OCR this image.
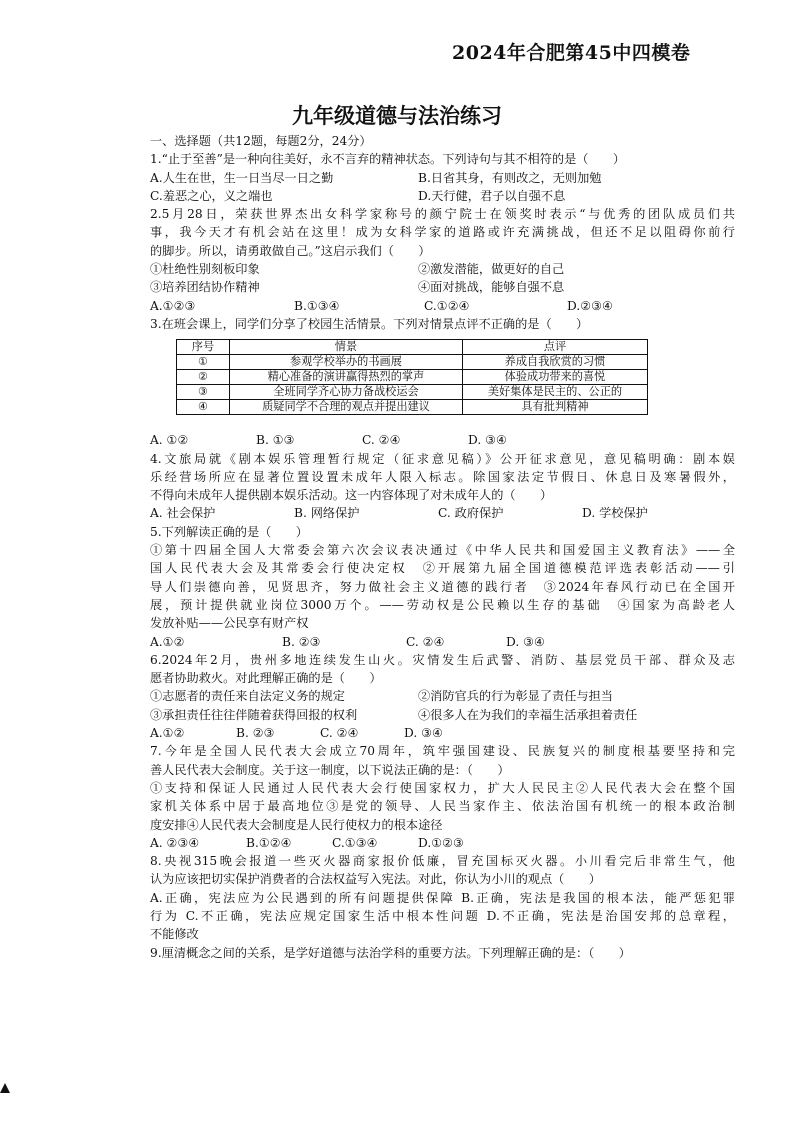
2024年合肥第45中四模卷
九年级道德与法治练习
一、选择题（共12题，每题2分，24分）
1.“止于至善”是一种向往美好，永不言弃的精神状态。下列诗句与其不相符的是（　　）
A.人生在世，生一日当尽一日之勤	B.日省其身，有则改之，无则加勉
C.羞恶之心，义之端也	D.天行健，君子以自强不息
2.5月28日，荣获世界杰出女科学家称号的颜宁院士在领奖时表示“与优秀的团队成员们共
事，我今天才有机会站在这里！成为女科学家的道路或许充满挑战，但还不足以阻碍你前行
的脚步。所以，请勇敢做自己。”这启示我们（　　）
①杜绝性别刻板印象	②激发潜能，做更好的自己
③培养团结协作精神	④面对挑战，能够自强不息
A.①②③	B.①③④	C.①②④	D.②③④
3.在班会课上，同学们分享了校园生活情景。下列对情景点评不正确的是（　　）
序号	情景	点评
①	参观学校举办的书画展	养成自我欣赏的习惯
②	精心准备的演讲赢得热烈的掌声	体验成功带来的喜悦
③	全班同学齐心协力备战校运会	美好集体是民主的、公正的
④	质疑同学不合理的观点并提出建议	具有批判精神
A. ①②	B. ①③	C. ②④	D. ③④
4.文旅局就《剧本娱乐管理暂行规定（征求意见稿）》公开征求意见，意见稿明确：剧本娱
乐经营场所应在显著位置设置未成年人限入标志。除国家法定节假日、休息日及寒暑假外，
不得向未成年人提供剧本娱乐活动。这一内容体现了对未成年人的（　　）
A. 社会保护	B. 网络保护	C. 政府保护	D. 学校保护
5.下列解读正确的是（　　）
①第十四届全国人大常委会第六次会议表决通过《中华人民共和国爱国主义教育法》——全
国人民代表大会及其常委会行使决定权　②开展第九届全国道德模范评选表彰活动——引
导人们崇德向善，见贤思齐，努力做社会主义道德的践行者　③2024年春风行动已在全国开
展，预计提供就业岗位3000万个。——劳动权是公民赖以生存的基础　④国家为高龄老人
发放补贴——公民享有财产权
A.①②	B. ②③	C. ②④	D. ③④
6.2024年2月，贵州多地连续发生山火。灾情发生后武警、消防、基层党员干部、群众及志
愿者协助救火。对此理解正确的是（　　）
①志愿者的责任来自法定义务的规定	②消防官兵的行为彰显了责任与担当
③承担责任往往伴随着获得回报的权利	④很多人在为我们的幸福生活承担着责任
A.①②	B. ②③	C. ②④	D. ③④
7.今年是全国人民代表大会成立70周年，筑牢强国建设、民族复兴的制度根基要坚持和完
善人民代表大会制度。关于这一制度，以下说法正确的是：（　　）
①支持和保证人民通过人民代表大会行使国家权力，扩大人民民主②人民代表大会在整个国
家机关体系中居于最高地位③是党的领导、人民当家作主、依法治国有机统一的根本政治制
度安排④人民代表大会制度是人民行使权力的根本途径
A. ②③④	B.①②④	C.①③④	D.①②③
8.央视315晚会报道一些灭火器商家报价低廉，冒充国标灭火器。小川看完后非常生气，他
认为应该把切实保护消费者的合法权益写入宪法。对此，你认为小川的观点（　　）
A.正确，宪法应为公民遇到的所有问题提供保障 B.正确，宪法是我国的根本法，能严惩犯罪
行为 C.不正确，宪法应规定国家生活中根本性问题 D.不正确，宪法是治国安邦的总章程，
不能修改
9.厘清概念之间的关系，是学好道德与法治学科的重要方法。下列理解正确的是：（　　）
